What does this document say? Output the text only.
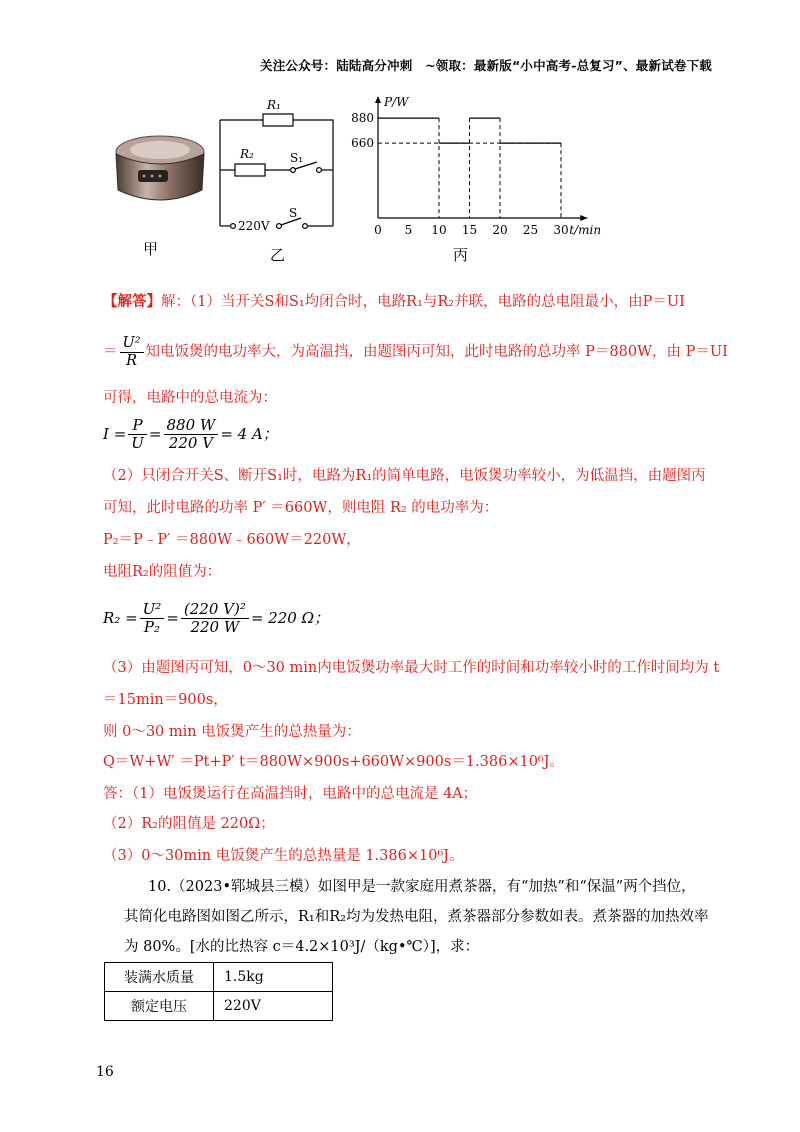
关注公众号：陆陆高分冲刺　~领取：最新版“小中高考-总复习”、最新试卷下载
甲
R₁
R₂	S₁
S
220V
乙
P/W
t/min
0 5 10 15 20 25 30
660
880
丙
【解答】解：（1）当开关S和S₁均闭合时，电路R₁与R₂并联，电路的总电阻最小，由P＝UI
＝ $\frac{\text{U²}}{R}$ 知电饭煲的电功率大，为高温挡，由题图丙可知，此时电路的总功率 P＝880W，由 P＝UI
可得，电路中的总电流为：
$I = \frac{P}{U} = \frac{880 W}{220 V} = 4$ A；
（2）只闭合开关S、断开S₁时，电路为R₁的简单电路，电饭煲功率较小，为低温挡，由题图丙
可知，此时电路的功率 P′ ＝660W，则电阻 R₂ 的电功率为：
P₂＝P﹣P′ ＝880W﹣660W＝220W，
电阻R₂的阻值为：
$R_2 = \frac{\text{U²}}{\text{P₂}} = \frac{\text{(220 V)²}}{220 W} = 220$ Ω；
（3）由题图丙可知，0～30 min内电饭煲功率最大时工作的时间和功率较小时的工作时间均为 t
＝15min＝900s，
则 0～30 min 电饭煲产生的总热量为：
Q＝W+W′ ＝Pt+P′ t＝880W×900s+660W×900s＝1.386×10⁶J。
答：（1）电饭煲运行在高温挡时，电路中的总电流是 4A；
（2）R₂的阻值是 220Ω；
（3）0～30min 电饭煲产生的总热量是 1.386×10⁶J。
10.（2023•郓城县三模）如图甲是一款家庭用煮茶器，有“加热”和“保温”两个挡位，
其简化电路图如图乙所示，R₁和R₂均为发热电阻，煮茶器部分参数如表。煮茶器的加热效率
为 80%。[水的比热容 c＝4.2×10³J/（kg•℃）]，求：
装满水质量	1.5kg
额定电压	220V
16
